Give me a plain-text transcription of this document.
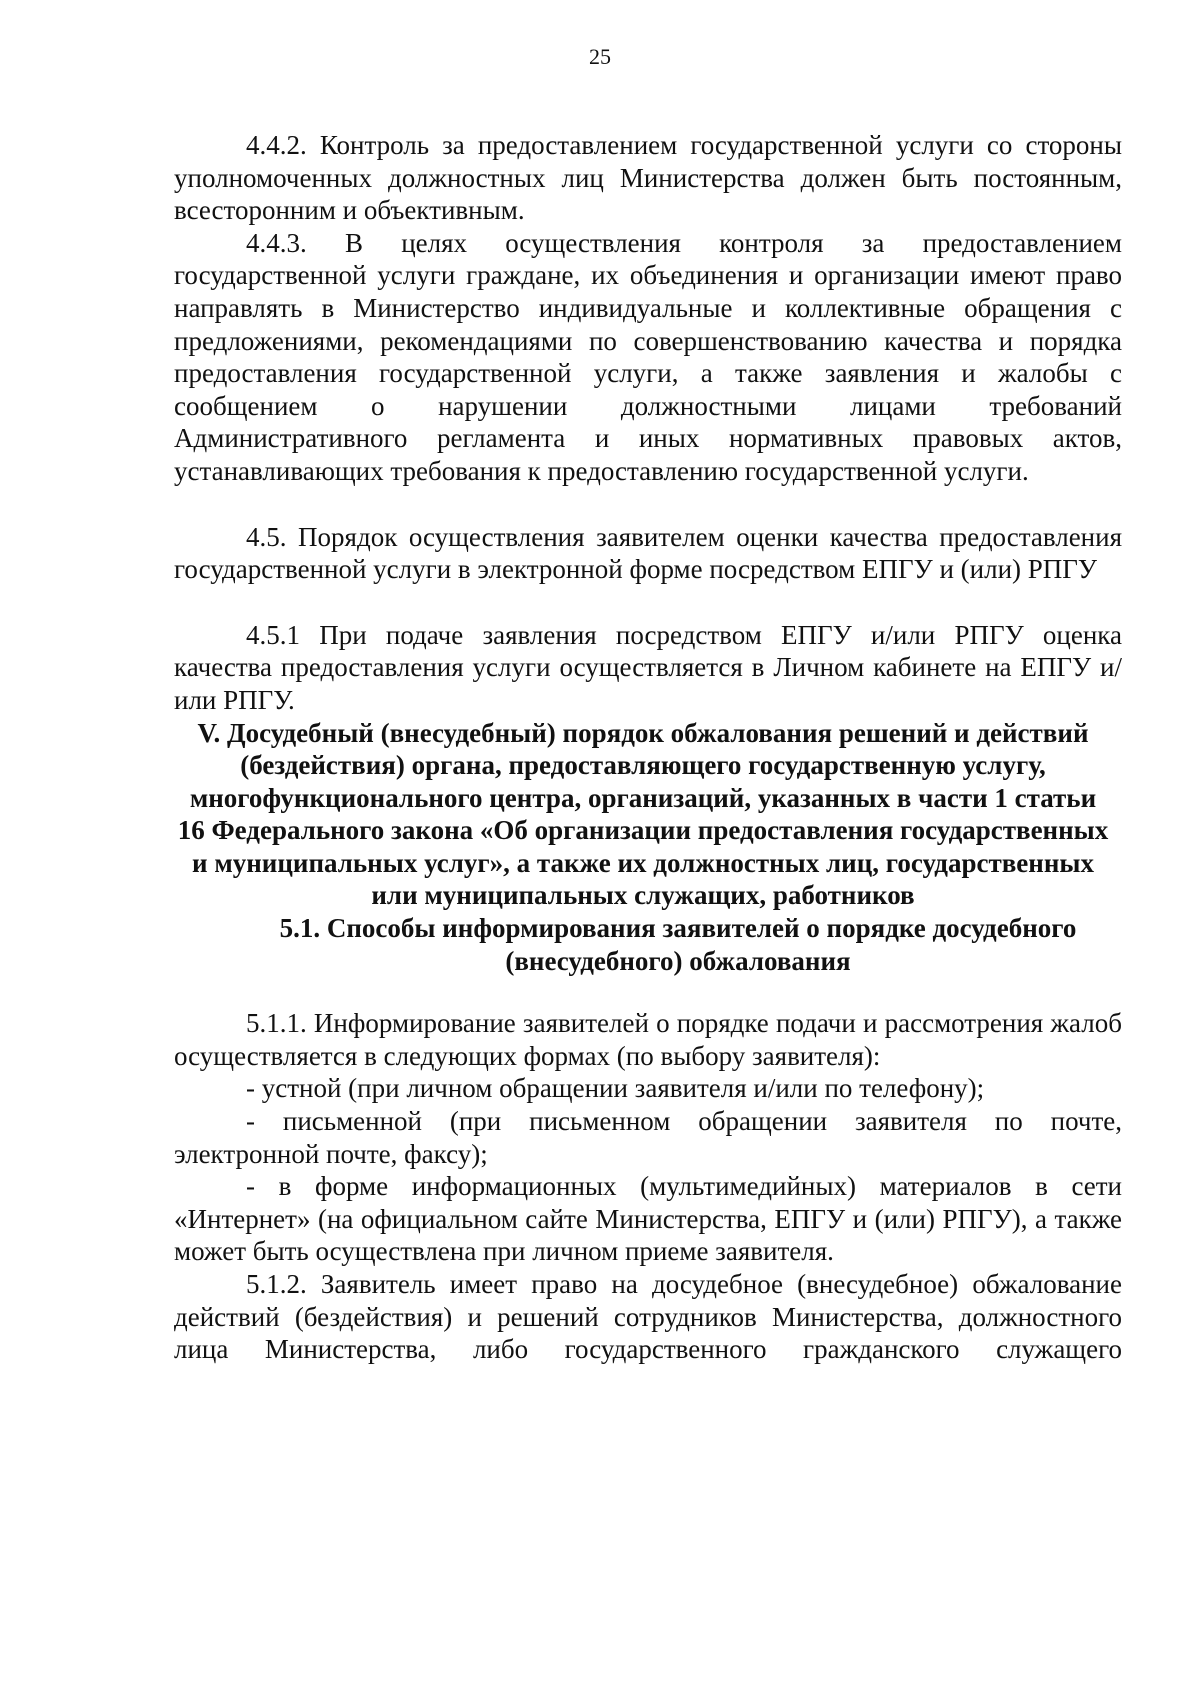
25

4.4.2. Контроль за предоставлением государственной услуги со стороны уполномоченных должностных лиц Министерства должен быть постоянным, всесторонним и объективным.

4.4.3. В целях осуществления контроля за предоставлением государственной услуги граждане, их объединения и организации имеют право направлять в Министерство индивидуальные и коллективные обращения с предложениями, рекомендациями по совершенствованию качества и порядка предоставления государственной услуги, а также заявления и жалобы с сообщением о нарушении должностными лицами требований Административного регламента и иных нормативных правовых актов, устанавливающих требования к предоставлению государственной услуги.

4.5. Порядок осуществления заявителем оценки качества предоставления государственной услуги в электронной форме посредством ЕПГУ и (или) РПГУ

4.5.1 При подаче заявления посредством ЕПГУ и/или РПГУ оценка качества предоставления услуги осуществляется в Личном кабинете на ЕПГУ и/или РПГУ.

V. Досудебный (внесудебный) порядок обжалования решений и действий (бездействия) органа, предоставляющего государственную услугу, многофункционального центра, организаций, указанных в части 1 статьи 16 Федерального закона «Об организации предоставления государственных и муниципальных услуг», а также их должностных лиц, государственных или муниципальных служащих, работников
5.1. Способы информирования заявителей о порядке досудебного (внесудебного) обжалования

5.1.1. Информирование заявителей о порядке подачи и рассмотрения жалоб осуществляется в следующих формах (по выбору заявителя):

- устной (при личном обращении заявителя и/или по телефону);

- письменной (при письменном обращении заявителя по почте, электронной почте, факсу);

- в форме информационных (мультимедийных) материалов в сети «Интернет» (на официальном сайте Министерства, ЕПГУ и (или) РПГУ), а также может быть осуществлена при личном приеме заявителя.

5.1.2. Заявитель имеет право на досудебное (внесудебное) обжалование действий (бездействия) и решений сотрудников Министерства, должностного лица Министерства, либо государственного гражданского служащего
